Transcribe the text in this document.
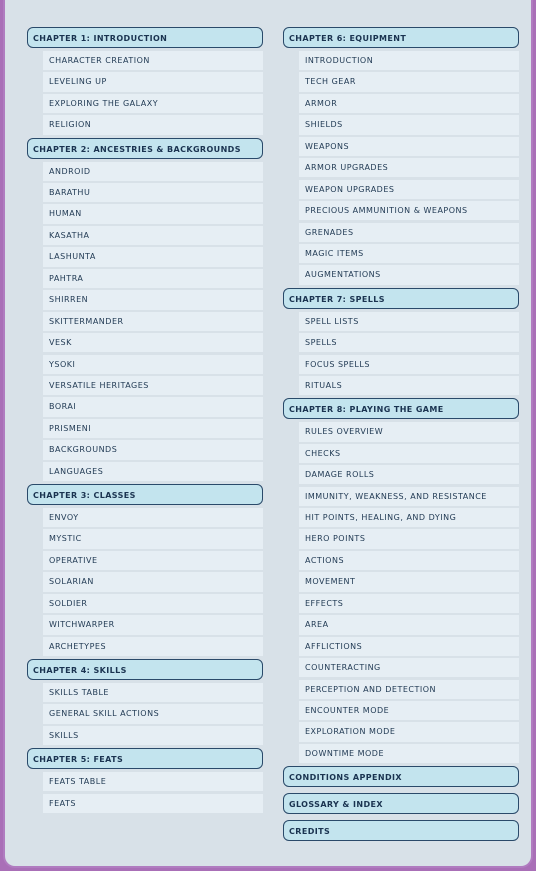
CHAPTER 1: INTRODUCTION
CHARACTER CREATION
LEVELING UP
EXPLORING THE GALAXY
RELIGION
CHAPTER 2: ANCESTRIES & BACKGROUNDS
ANDROID
BARATHU
HUMAN
KASATHA
LASHUNTA
PAHTRA
SHIRREN
SKITTERMANDER
VESK
YSOKI
VERSATILE HERITAGES
BORAI
PRISMENI
BACKGROUNDS
LANGUAGES
CHAPTER 3: CLASSES
ENVOY
MYSTIC
OPERATIVE
SOLARIAN
SOLDIER
WITCHWARPER
ARCHETYPES
CHAPTER 4: SKILLS
SKILLS TABLE
GENERAL SKILL ACTIONS
SKILLS
CHAPTER 5: FEATS
FEATS TABLE
FEATS
CHAPTER 6: EQUIPMENT
INTRODUCTION
TECH GEAR
ARMOR
SHIELDS
WEAPONS
ARMOR UPGRADES
WEAPON UPGRADES
PRECIOUS AMMUNITION & WEAPONS
GRENADES
MAGIC ITEMS
AUGMENTATIONS
CHAPTER 7: SPELLS
SPELL LISTS
SPELLS
FOCUS SPELLS
RITUALS
CHAPTER 8: PLAYING THE GAME
RULES OVERVIEW
CHECKS
DAMAGE ROLLS
IMMUNITY, WEAKNESS, AND RESISTANCE
HIT POINTS, HEALING, AND DYING
HERO POINTS
ACTIONS
MOVEMENT
EFFECTS
AREA
AFFLICTIONS
COUNTERACTING
PERCEPTION AND DETECTION
ENCOUNTER MODE
EXPLORATION MODE
DOWNTIME MODE
CONDITIONS APPENDIX
GLOSSARY & INDEX
CREDITS
